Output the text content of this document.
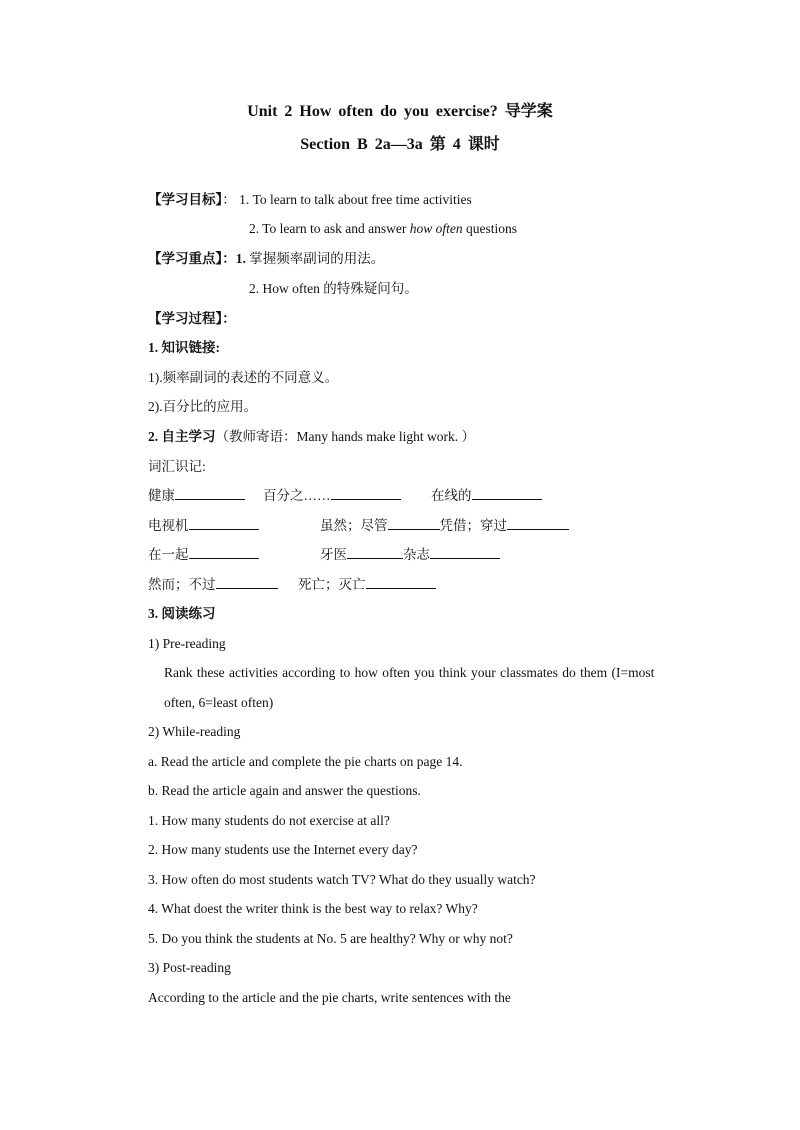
Unit 2 How often do you exercise? 导学案
Section B 2a—3a 第 4 课时
【学习目标】： 1. To learn to talk about free time activities
2. To learn to ask and answer how often questions
【学习重点】：1. 掌握频率副词的用法。
2. How often 的特殊疑问句。
【学习过程】：
1. 知识链接:
1).频率副词的表述的不同意义。
2).百分比的应用。
2. 自主学习（教师寄语：Many hands make light work. ）
词汇识记:
健康	百分之……	在线的
电视机	虽然；尽管	凭借；穿过
在一起	牙医	杂志
然而；不过	死亡；灭亡
3. 阅读练习
1) Pre-reading
Rank these activities according to how often you think your classmates do them (I=most
often, 6=least often)
2) While-reading
a. Read the article and complete the pie charts on page 14.
b. Read the article again and answer the questions.
1. How many students do not exercise at all?
2. How many students use the Internet every day?
3. How often do most students watch TV? What do they usually watch?
4. What doest the writer think is the best way to relax? Why?
5. Do you think the students at No. 5 are healthy? Why or why not?
3) Post-reading
According to the article and the pie charts, write sentences with the
